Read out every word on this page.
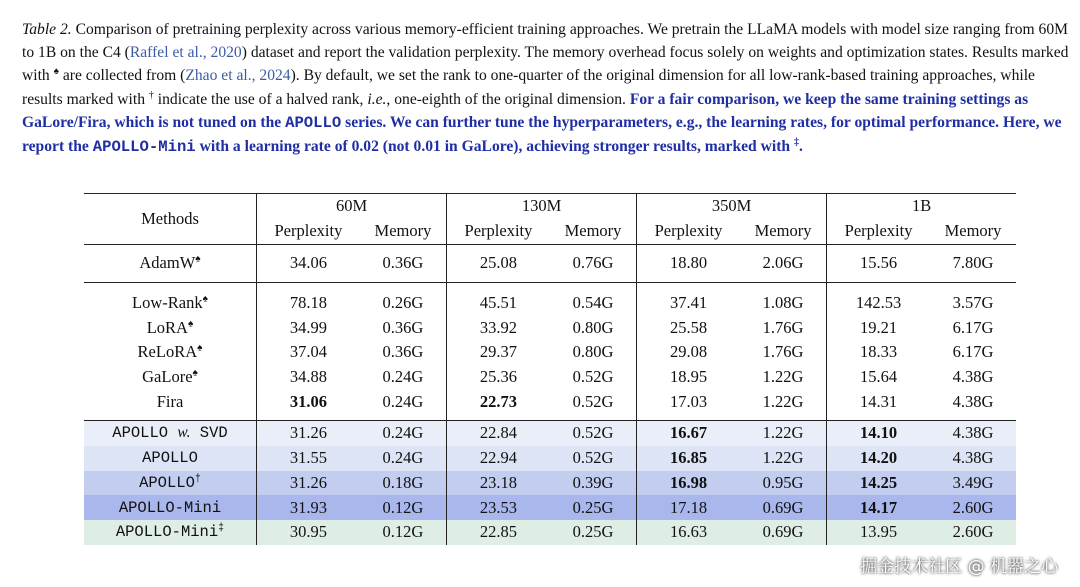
Table 2. Comparison of pretraining perplexity across various memory-efficient training approaches. We pretrain the LLaMA models with model size ranging from 60M to 1B on the C4 (Raffel et al., 2020) dataset and report the validation perplexity. The memory overhead focus solely on weights and optimization states. Results marked with ♠ are collected from (Zhao et al., 2024). By default, we set the rank to one-quarter of the original dimension for all low-rank-based training approaches, while results marked with † indicate the use of a halved rank, i.e., one-eighth of the original dimension. For a fair comparison, we keep the same training settings as GaLore/Fira, which is not tuned on the APOLLO series. We can further tune the hyperparameters, e.g., the learning rates, for optimal performance. Here, we report the APOLLO-Mini with a learning rate of 0.02 (not 0.01 in GaLore), achieving stronger results, marked with ‡.
Methods	60M		130M		350M		1B	
	Perplexity	Memory	Perplexity	Memory	Perplexity	Memory	Perplexity	Memory

AdamW♠	34.06	0.36G	25.08	0.76G	18.80	2.06G	15.56	7.80G

Low-Rank♠	78.18	0.26G	45.51	0.54G	37.41	1.08G	142.53	3.57G
LoRA♠	34.99	0.36G	33.92	0.80G	25.58	1.76G	19.21	6.17G
ReLoRA♠	37.04	0.36G	29.37	0.80G	29.08	1.76G	18.33	6.17G
GaLore♠	34.88	0.24G	25.36	0.52G	18.95	1.22G	15.64	4.38G
Fira	31.06	0.24G	22.73	0.52G	17.03	1.22G	14.31	4.38G

APOLLO w. SVD	31.26	0.24G	22.84	0.52G	16.67	1.22G	14.10	4.38G
APOLLO	31.55	0.24G	22.94	0.52G	16.85	1.22G	14.20	4.38G
APOLLO†	31.26	0.18G	23.18	0.39G	16.98	0.95G	14.25	3.49G
APOLLO-Mini	31.93	0.12G	23.53	0.25G	17.18	0.69G	14.17	2.60G
APOLLO-Mini‡	30.95	0.12G	22.85	0.25G	16.63	0.69G	13.95	2.60G
掘金技术社区 @ 机器之心
